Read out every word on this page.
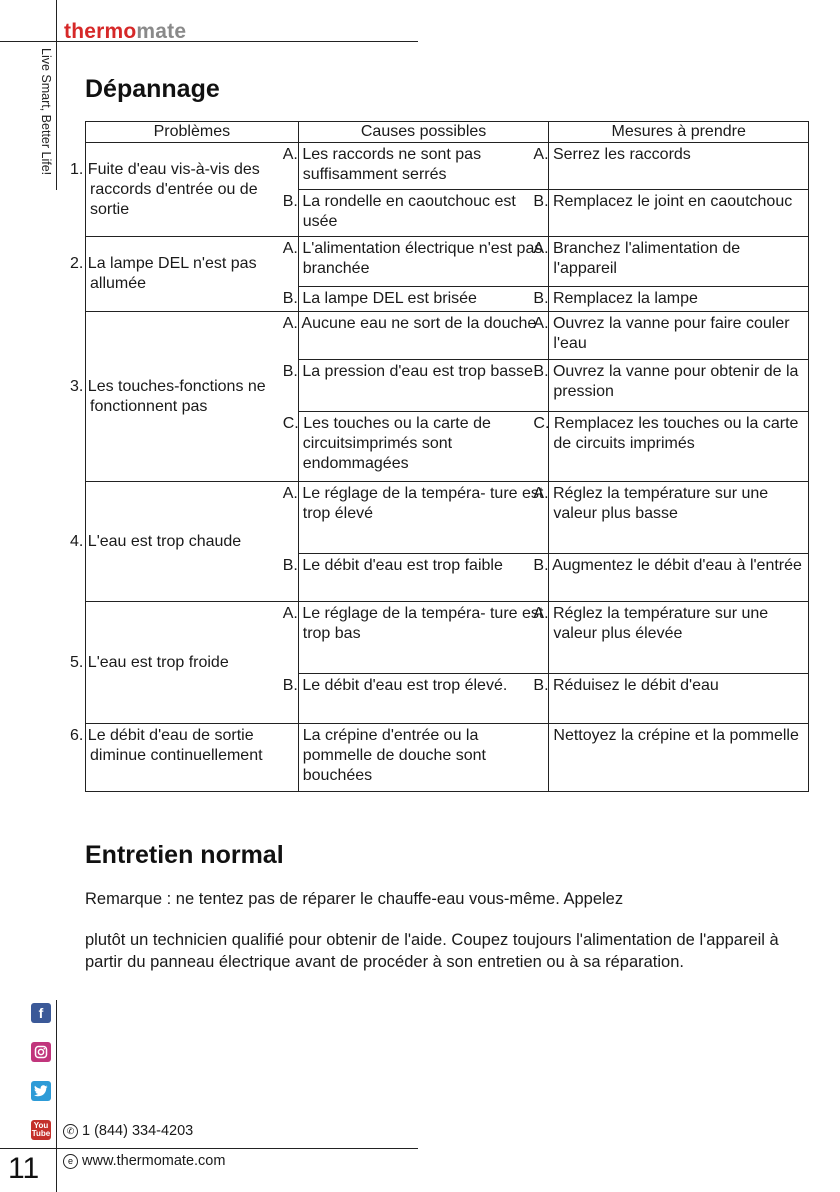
thermomate
Live Smart, Better Life! Dépannage
Problèmes	Causes possibles	Mesures à prendre
1. Fuite d'eau vis-à-vis des raccords d'entrée ou de sortie	A. Les raccords ne sont pas suffisamment serrés	A. Serrez les raccords
	B. La rondelle en caoutchouc est usée	B. Remplacez le joint en caoutchouc
2. La lampe DEL n'est pas allumée	A. L'alimentation électrique n'est pas branchée	A. Branchez l'alimentation de l'appareil
	B. La lampe DEL est brisée	B. Remplacez la lampe
3. Les touches-fonctions ne fonctionnent pas	A. Aucune eau ne sort de la douche	A. Ouvrez la vanne pour faire couler l'eau
	B. La pression d'eau est trop basse	B. Ouvrez la vanne pour obtenir de la pression
	C. Les touches ou la carte de circuitsimprimés sont endommagées	C. Remplacez les touches ou la carte de circuits imprimés
4. L'eau est trop chaude	A. Le réglage de la tempéra- ture est trop élevé	A. Réglez la température sur une valeur plus basse
	B. Le débit d'eau est trop faible	B. Augmentez le débit d'eau à l'entrée
5. L'eau est trop froide	A. Le réglage de la tempéra- ture est trop bas	A. Réglez la température sur une valeur plus élevée
	B. Le débit d'eau est trop élevé.	B. Réduisez le débit d'eau
6. Le débit d'eau de sortie diminue continuellement	La crépine d'entrée ou la pommelle de douche sont bouchées	Nettoyez la crépine et la pommelle
Entretien normal

Remarque : ne tentez pas de réparer le chauffe-eau vous-même. Appelez

plutôt un technicien qualifié pour obtenir de l'aide. Coupez toujours l'alimentation de l'appareil à partir du panneau électrique avant de procéder à son entretien ou à sa réparation.

f
You
Tube	✆ 1 (844) 334-4203
e www.thermomate.com
11
